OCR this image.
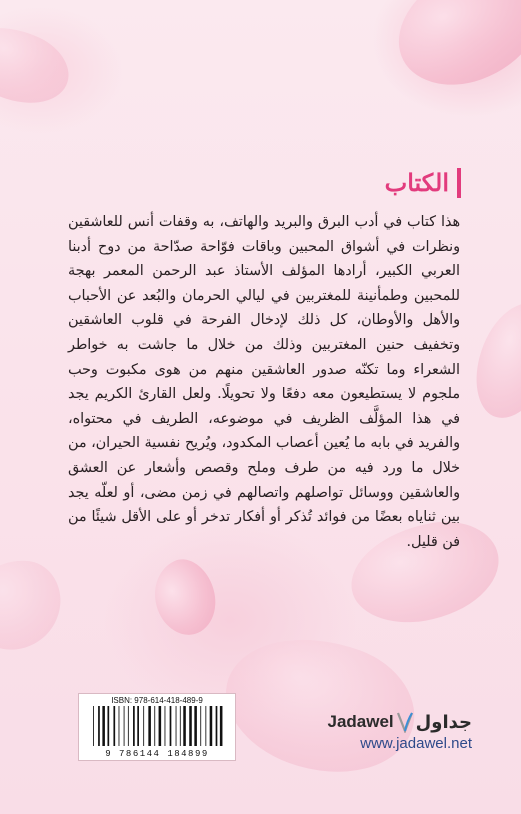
الكتاب

هذا كتاب في أدب البرق والبريد والهاتف، به وقفات أنس للعاشقين ونظرات في أشواق المحبين وباقات فوّاحة صدّاحة من دوح أدبنا العربي الكبير، أرادها المؤلف الأستاذ عبد الرحمن المعمر بهجة للمحبين وطمأنينة للمغتربين في ليالي الحرمان والبُعد عن الأحباب والأهل والأوطان، كل ذلك لإدخال الفرحة في قلوب العاشقين وتخفيف حنين المغتربين وذلك من خلال ما جاشت به خواطر الشعراء وما تكنّه صدور العاشقين منهم من هوى مكبوت وحب ملجوم لا يستطيعون معه دفعًا ولا تحويلًا. ولعل القارئ الكريم يجد في هذا المؤلَّف الظريف في موضوعه، الطريف في محتواه، والفريد في بابه ما يُعين أعصاب المكدود، ويُريح نفسية الحيران، من خلال ما ورد فيه من طرف وملح وقصص وأشعار عن العشق والعاشقين ووسائل تواصلهم واتصالهم في زمن مضى، أو لعلّه يجد بين ثناياه بعضًا من فوائد تُذكر أو أفكار تدخر أو على الأقل شيئًا من فن قليل.

ISBN: 978-614-418-489-9
9 786144 184899
Jadawel جداول
www.jadawel.net
